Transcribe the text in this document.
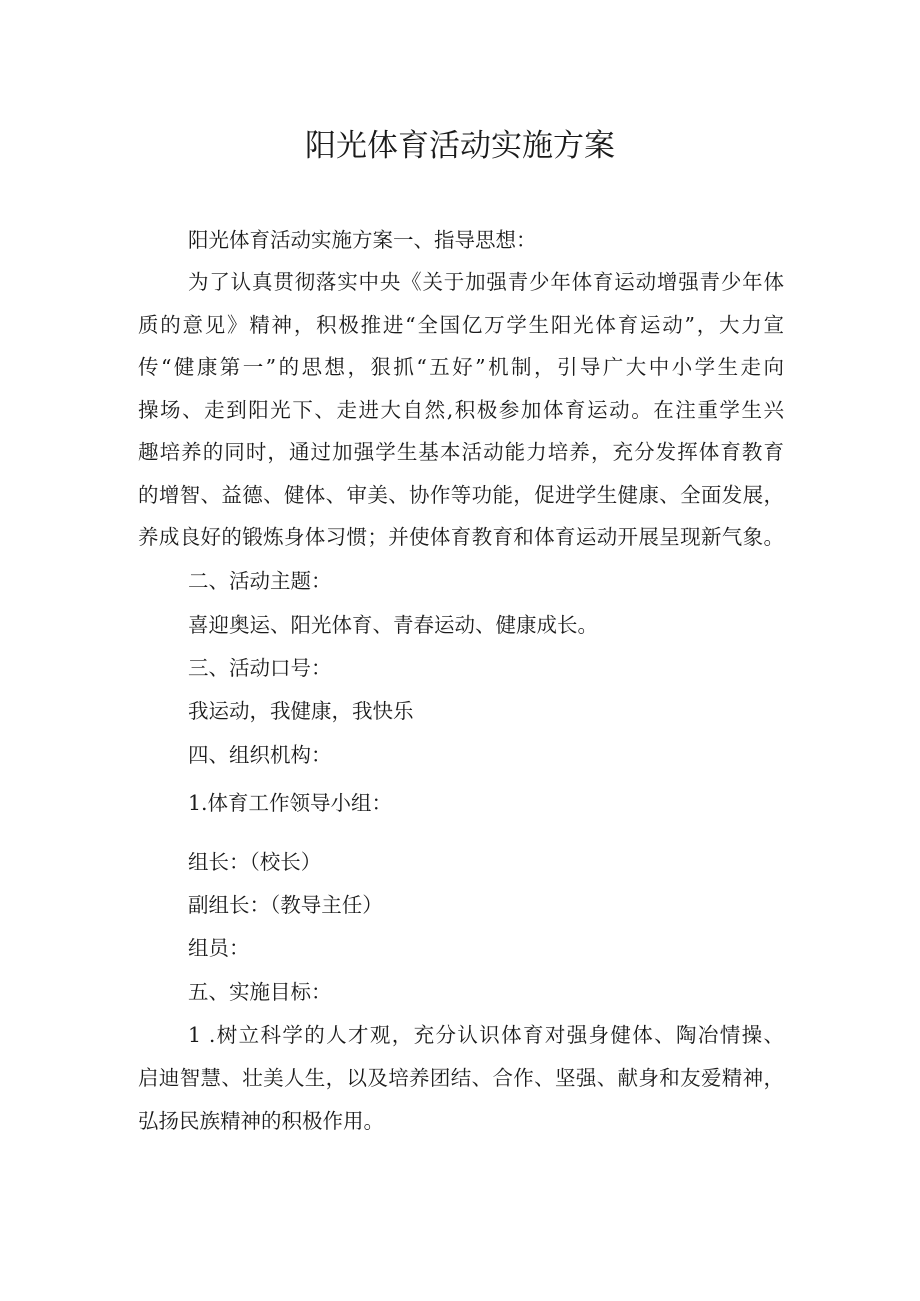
阳光体育活动实施方案

阳光体育活动实施方案一、指导思想：

为了认真贯彻落实中央《关于加强青少年体育运动增强青少年体

质的意见》精神，积极推进“全国亿万学生阳光体育运动”，大力宣

传“健康第一”的思想，狠抓“五好”机制，引导广大中小学生走向

操场、走到阳光下、走进大自然,积极参加体育运动。在注重学生兴

趣培养的同时，通过加强学生基本活动能力培养，充分发挥体育教育

的增智、益德、健体、审美、协作等功能，促进学生健康、全面发展，

养成良好的锻炼身体习惯；并使体育教育和体育运动开展呈现新气象。

二、活动主题：

喜迎奥运、阳光体育、青春运动、健康成长。

三、活动口号：

我运动，我健康，我快乐

四、组织机构：

1.体育工作领导小组：

组长：（校长）

副组长：（教导主任）

组员：

五、实施目标：

1 .树立科学的人才观，充分认识体育对强身健体、陶冶情操、

启迪智慧、壮美人生，以及培养团结、合作、坚强、献身和友爱精神，

弘扬民族精神的积极作用。
